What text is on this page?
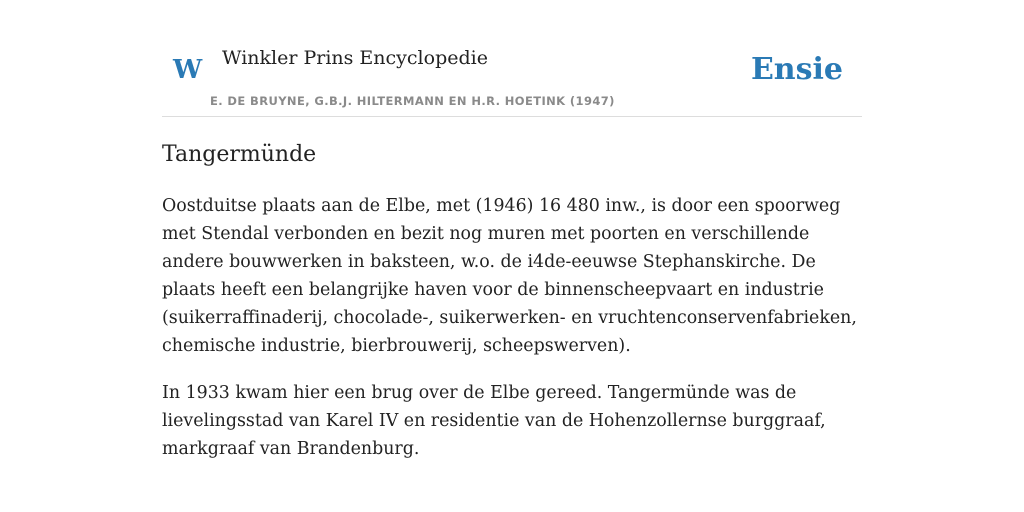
W Winkler Prins Encyclopedie
E. DE BRUYNE, G.B.J. HILTERMANN EN H.R. HOETINK (1947)
Ensie
Tangermünde

Oostduitse plaats aan de Elbe, met (1946) 16 480 inw., is door een spoorweg met Stendal verbonden en bezit nog muren met poorten en verschillende andere bouwwerken in baksteen, w.o. de i4de-eeuwse Stephanskirche. De plaats heeft een belangrijke haven voor de binnenscheepvaart en industrie (suikerraffinaderij, chocolade-, suikerwerken- en vruchtenconservenfabrieken, chemische industrie, bierbrouwerij, scheepswerven).

In 1933 kwam hier een brug over de Elbe gereed. Tangermünde was de lievelingsstad van Karel IV en residentie van de Hohenzollernse burggraaf, markgraaf van Brandenburg.
